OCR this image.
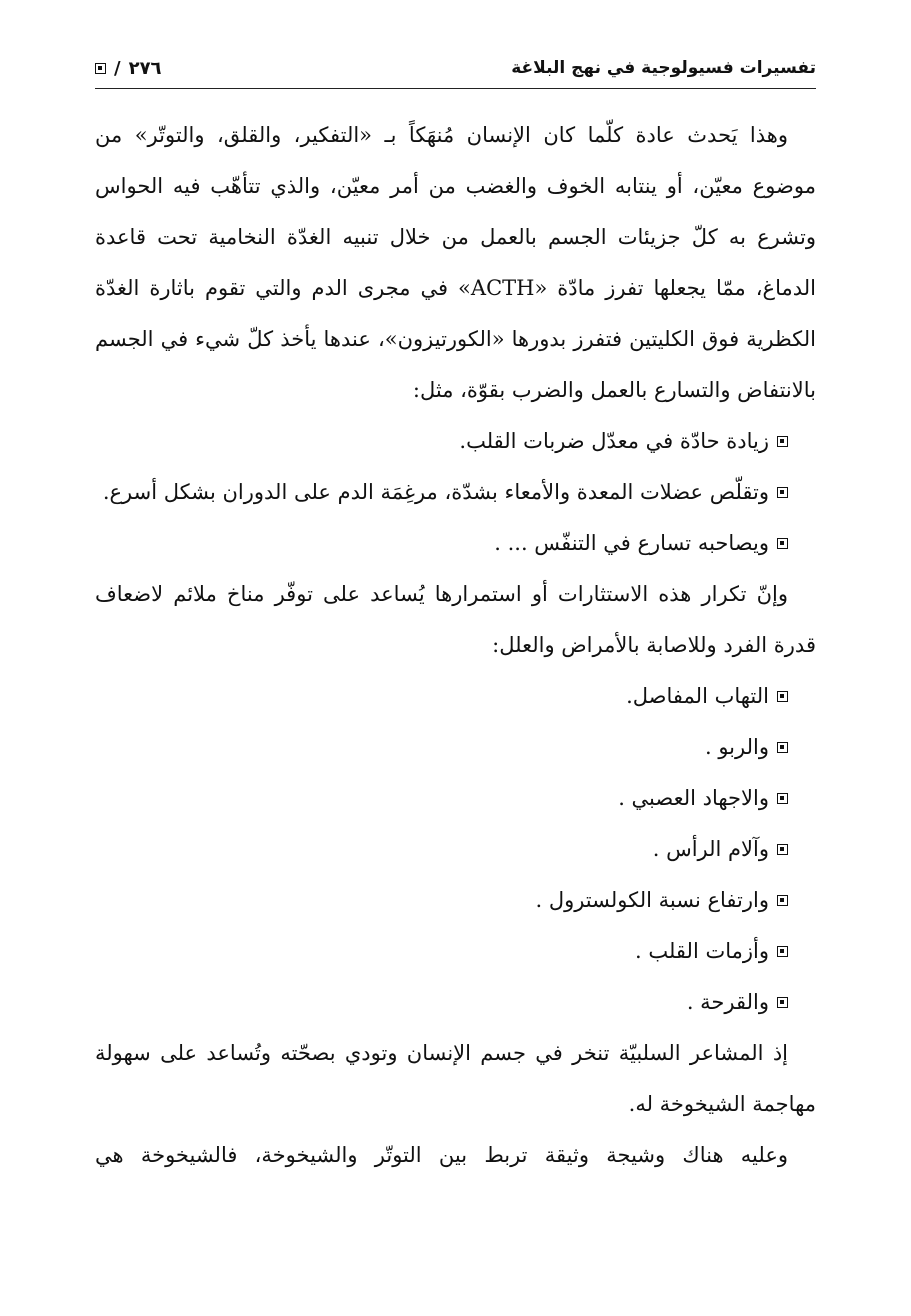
تفسيرات فسيولوجية في نهج البلاغة
٢٧٦
/

وهذا يَحدث عادة كلّما كان الإنسان مُنهَكاً بـ «التفكير، والقلق، والتوتّر» من موضوع معيّن، أو ينتابه الخوف والغضب من أمر معيّن، والذي تتأهّب فيه الحواس وتشرع به كلّ جزيئات الجسم بالعمل من خلال تنبيه الغدّة النخامية تحت قاعدة الدماغ، ممّا يجعلها تفرز مادّة «ACTH» في مجرى الدم والتي تقوم باثارة الغدّة الكظرية فوق الكليتين فتفرز بدورها «الكورتيزون»، عندها يأخذ كلّ شيء في الجسم بالانتفاض والتسارع بالعمل والضرب بقوّة، مثل:

زيادة حادّة في معدّل ضربات القلب.
وتقلّص عضلات المعدة والأمعاء بشدّة، مرغِمَة الدم على الدوران بشكل أسرع.
ويصاحبه تسارع في التنفّس ... .

وإنّ تكرار هذه الاستثارات أو استمرارها يُساعد على توفّر مناخ ملائم لاضعاف قدرة الفرد وللاصابة بالأمراض والعلل:

التهاب المفاصل.
والربو .
والاجهاد العصبي .
وآلام الرأس .
وارتفاع نسبة الكولسترول .
وأزمات القلب .
والقرحة .

إذ المشاعر السلبيّة تنخر في جسم الإنسان وتودي بصحّته وتُساعد على سهولة مهاجمة الشيخوخة له.

وعليه هناك وشيجة وثيقة تربط بين التوتّر والشيخوخة، فالشيخوخة هي
